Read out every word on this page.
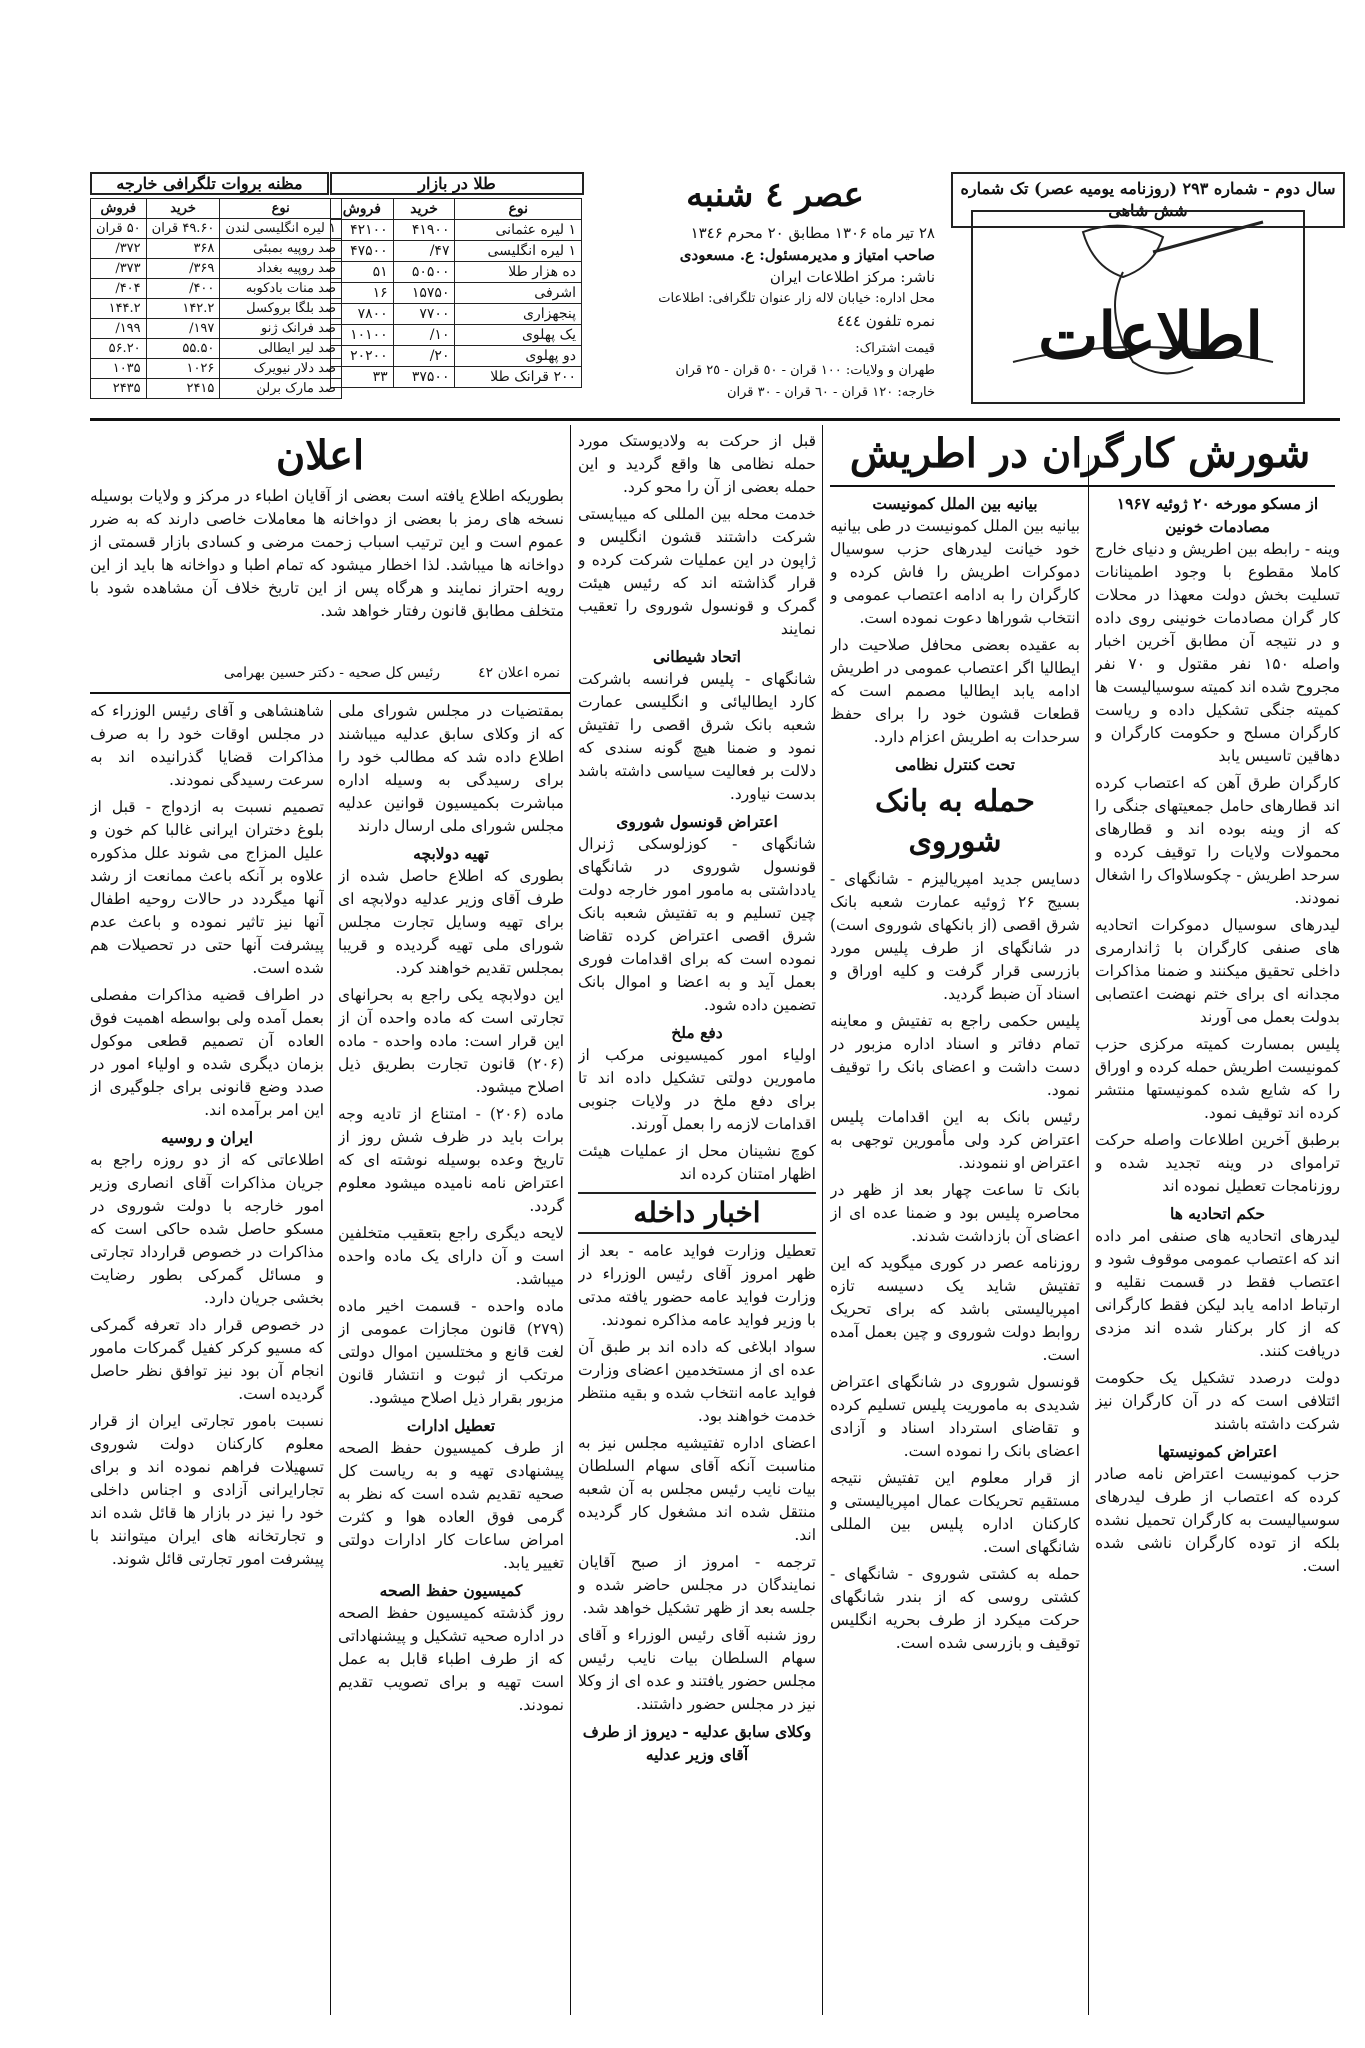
سال دوم - شماره ۲۹۳ (روزنامه یومیه عصر) تک شماره شش شاهی
اطلاعات
عصر ٤ شنبه
۲۸ تیر ماه ۱۳۰۶ مطابق ۲۰ محرم ۱۳٤۶
صاحب امتیاز و مدیرمسئول: ع. مسعودی
ناشر: مرکز اطلاعات ایران
محل اداره: خیابان لاله زار عنوان تلگرافی: اطلاعات
نمره تلفون ٤٤٤
قیمت اشتراک:
طهران و ولایات: ١٠٠ قران - ٥٠ قران - ٢٥ قران
خارجه: ١٢٠ قران - ٦٠ قران - ٣٠ قران
طلا در بازار
نوع	خرید	فروش
۱ لیره عثمانی	۴۱۹۰۰	۴۲۱۰۰
۱ لیره انگلیسی	۴۷/	۴۷۵۰۰
ده هزار طلا	۵۰۵۰۰	۵۱
اشرفی	۱۵۷۵۰	۱۶
پنجهزاری	۷۷۰۰	۷۸۰۰
یک پهلوی	۱۰/	۱۰۱۰۰
دو پهلوی	۲۰/	۲۰۲۰۰
۲۰۰ قرانک طلا	۳۷۵۰۰	۳۳
مظنه بروات تلگرافی خارجه
نوع	خرید	فروش
۱ لیره انگلیسی لندن	۴۹.۶۰ قران	۵۰ قران
صد روپیه بمبئی	۳۶۸	۳۷۲/
صد روپیه بغداد	۳۶۹/	۳۷۳/
صد منات بادکوبه	۴۰۰/	۴۰۴/
صد بلگا بروکسل	۱۴۲.۲	۱۴۴.۲
صد فرانک ژنو	۱۹۷/	۱۹۹/
صد لیر ایطالی	۵۵.۵۰	۵۶.۲۰
صد دلار نیویرک	۱۰۲۶	۱۰۳۵
صد مارک برلن	۲۴۱۵	۲۴۳۵
شورش کارگران در اطریش
از مسکو مورخه ۲۰ ژوئیه ۱۹۶۷
مصادمات خونین

وینه - رابطه بین اطریش و دنیای خارج کاملا مقطوع با وجود اطمینانات تسلیت بخش دولت معهذا در محلات کار گران مصادمات خونینی روی داده و در نتیجه آن مطابق آخرین اخبار واصله ۱۵۰ نفر مقتول و ۷۰ نفر مجروح شده اند کمیته سوسیالیست ها کمیته جنگی تشکیل داده و ریاست کارگران مسلح و حکومت کارگران و دهاقین تاسیس یابد

کارگران طرق آهن که اعتصاب کرده اند قطارهای حامل جمعیتهای جنگی را که از وینه بوده اند و قطارهای محمولات ولایات را توقیف کرده و سرحد اطریش - چکوسلاواک را اشغال نمودند.

لیدرهای سوسیال دموکرات اتحادیه های صنفی کارگران با ژاندارمری داخلی تحقیق میکنند و ضمنا مذاکرات مجدانه ای برای ختم نهضت اعتصابی بدولت بعمل می آورند

پلیس بمسارت کمیته مرکزی حزب کمونیست اطریش حمله کرده و اوراق را که شایع شده کمونیستها منتشر کرده اند توقیف نمود.

برطبق آخرین اطلاعات واصله حرکت تراموای در وینه تجدید شده و روزنامجات تعطیل نموده اند

حکم اتحادیه ها

لیدرهای اتحادیه های صنفی امر داده اند که اعتصاب عمومی موقوف شود و اعتصاب فقط در قسمت نقلیه و ارتباط ادامه یابد لیکن فقط کارگرانی که از کار برکنار شده اند مزدی دریافت کنند.

دولت درصدد تشکیل یک حکومت ائتلافی است که در آن کارگران نیز شرکت داشته باشند

اعتراض کمونیستها

حزب کمونیست اعتراض نامه صادر کرده که اعتصاب از طرف لیدرهای سوسیالیست به کارگران تحمیل نشده بلکه از توده کارگران ناشی شده است.

بیانیه بین الملل کمونیست

بیانیه بین الملل کمونیست در طی بیانیه خود خیانت لیدرهای حزب سوسیال دموکرات اطریش را فاش کرده و کارگران را به ادامه اعتصاب عمومی و انتخاب شوراها دعوت نموده است.

به عقیده بعضی محافل صلاحیت دار ایطالیا اگر اعتصاب عمومی در اطریش ادامه یابد ایطالیا مصمم است که قطعات قشون خود را برای حفظ سرحدات به اطریش اعزام دارد.

تحت کنترل نظامی
حمله به بانک شوروی

دسایس جدید امپریالیزم - شانگهای - بسیج ۲۶ ژوئیه عمارت شعبه بانک شرق اقصی (از بانکهای شوروی است) در شانگهای از طرف پلیس مورد بازرسی قرار گرفت و کلیه اوراق و اسناد آن ضبط گردید.

پلیس حکمی راجع به تفتیش و معاینه تمام دفاتر و اسناد اداره مزبور در دست داشت و اعضای بانک را توقیف نمود.

رئیس بانک به این اقدامات پلیس اعتراض کرد ولی مأمورین توجهی به اعتراض او ننمودند.

بانک تا ساعت چهار بعد از ظهر در محاصره پلیس بود و ضمنا عده ای از اعضای آن بازداشت شدند.

روزنامه عصر در کوری میگوید که این تفتیش شاید یک دسیسه تازه امپریالیستی باشد که برای تحریک روابط دولت شوروی و چین بعمل آمده است.

قونسول شوروی در شانگهای اعتراض شدیدی به ماموریت پلیس تسلیم کرده و تقاضای استرداد اسناد و آزادی اعضای بانک را نموده است.

از قرار معلوم این تفتیش نتیجه مستقیم تحریکات عمال امپریالیستی و کارکنان اداره پلیس بین المللی شانگهای است.

حمله به کشتی شوروی - شانگهای - کشتی روسی که از بندر شانگهای حرکت میکرد از طرف بحریه انگلیس توقیف و بازرسی شده است.

قبل از حرکت به ولادیوستک مورد حمله نظامی ها واقع گردید و این حمله بعضی از آن را محو کرد.

خدمت محله بین المللی که میبایستی شرکت داشتند قشون انگلیس و ژاپون در این عملیات شرکت کرده و قرار گذاشته اند که رئیس هیئت گمرک و قونسول شوروی را تعقیب نمایند

اتحاد شیطانی

شانگهای - پلیس فرانسه باشرکت کارد ایطالیائی و انگلیسی عمارت شعبه بانک شرق اقصی را تفتیش نمود و ضمنا هیچ گونه سندی که دلالت بر فعالیت سیاسی داشته باشد بدست نیاورد.

اعتراض قونسول شوروی

شانگهای - کوزلوسکی ژنرال قونسول شوروی در شانگهای یادداشتی به مامور امور خارجه دولت چین تسلیم و به تفتیش شعبه بانک شرق اقصی اعتراض کرده تقاضا نموده است که برای اقدامات فوری بعمل آید و به اعضا و اموال بانک تضمین داده شود.

دفع ملخ

اولیاء امور کمیسیونی مرکب از مامورین دولتی تشکیل داده اند تا برای دفع ملخ در ولایات جنوبی اقدامات لازمه را بعمل آورند.

کوچ نشینان محل از عملیات هیئت اظهار امتنان کرده اند

اخبار داخله

تعطیل وزارت فواید عامه - بعد از ظهر امروز آقای رئیس الوزراء در وزارت فواید عامه حضور یافته مدتی با وزیر فواید عامه مذاکره نمودند.

سواد ابلاغی که داده اند بر طبق آن عده ای از مستخدمین اعضای وزارت فواید عامه انتخاب شده و بقیه منتظر خدمت خواهند بود.

اعضای اداره تفتیشیه مجلس نیز به مناسبت آنکه آقای سهام السلطان بیات نایب رئیس مجلس به آن شعبه منتقل شده اند مشغول کار گردیده اند.

ترجمه - امروز از صبح آقایان نمایندگان در مجلس حاضر شده و جلسه بعد از ظهر تشکیل خواهد شد.

روز شنبه آقای رئیس الوزراء و آقای سهام السلطان بیات نایب رئیس مجلس حضور یافتند و عده ای از وکلا نیز در مجلس حضور داشتند.

وکلای سابق عدلیه - دیروز از طرف آقای وزیر عدلیه
اعلان
بطوریکه اطلاع یافته است بعضی از آقایان اطباء در مرکز و ولایات بوسیله نسخه های رمز با بعضی از دواخانه ها معاملات خاصی دارند که به ضرر عموم است و این ترتیب اسباب زحمت مرضی و کسادی بازار قسمتی از دواخانه ها میباشد. لذا اخطار میشود که تمام اطبا و دواخانه ها باید از این رویه احتراز نمایند و هرگاه پس از این تاریخ خلاف آن مشاهده شود با متخلف مطابق قانون رفتار خواهد شد.
رئیس کل صحیه - دکتر حسین بهرامی	نمره اعلان ٤٢

بمقتضیات در مجلس شورای ملی که از وکلای سابق عدلیه میباشند اطلاع داده شد که مطالب خود را برای رسیدگی به وسیله اداره مباشرت بکمیسیون قوانین عدلیه مجلس شورای ملی ارسال دارند

تهیه دولابچه

بطوری که اطلاع حاصل شده از طرف آقای وزیر عدلیه دولابچه ای برای تهیه وسایل تجارت مجلس شورای ملی تهیه گردیده و قریبا بمجلس تقدیم خواهند کرد.

این دولابچه یکی راجع به بحرانهای تجارتی است که ماده واحده آن از این قرار است: ماده واحده - ماده (۲۰۶) قانون تجارت بطریق ذیل اصلاح میشود.

ماده (۲۰۶) - امتناع از تادیه وجه برات باید در ظرف شش روز از تاریخ وعده بوسیله نوشته ای که اعتراض نامه نامیده میشود معلوم گردد.

لایحه دیگری راجع بتعقیب متخلفین است و آن دارای یک ماده واحده میباشد.

ماده واحده - قسمت اخیر ماده (۲۷۹) قانون مجازات عمومی از لغت قانع و مختلسین اموال دولتی مرتکب از ثبوت و انتشار قانون مزبور بقرار ذیل اصلاح میشود.

تعطیل ادارات

از طرف کمیسیون حفظ الصحه پیشنهادی تهیه و به ریاست کل صحیه تقدیم شده است که نظر به گرمی فوق العاده هوا و کثرت امراض ساعات کار ادارات دولتی تغییر یابد.

کمیسیون حفظ الصحه

روز گذشته کمیسیون حفظ الصحه در اداره صحیه تشکیل و پیشنهاداتی که از طرف اطباء قابل به عمل است تهیه و برای تصویب تقدیم نمودند.

شاهنشاهی و آقای رئیس الوزراء که در مجلس اوقات خود را به صرف مذاکرات قضایا گذرانیده اند به سرعت رسیدگی نمودند.

تصمیم نسبت به ازدواج - قبل از بلوغ دختران ایرانی غالبا کم خون و علیل المزاج می شوند علل مذکوره علاوه بر آنکه باعث ممانعت از رشد آنها میگردد در حالات روحیه اطفال آنها نیز تاثیر نموده و باعث عدم پیشرفت آنها حتی در تحصیلات هم شده است.

در اطراف قضیه مذاکرات مفصلی بعمل آمده ولی بواسطه اهمیت فوق العاده آن تصمیم قطعی موکول بزمان دیگری شده و اولیاء امور در صدد وضع قانونی برای جلوگیری از این امر برآمده اند.

ایران و روسیه

اطلاعاتی که از دو روزه راجع به جریان مذاکرات آقای انصاری وزیر امور خارجه با دولت شوروی در مسکو حاصل شده حاکی است که مذاکرات در خصوص قرارداد تجارتی و مسائل گمرکی بطور رضایت بخشی جریان دارد.

در خصوص قرار داد تعرفه گمرکی که مسیو کرکر کفیل گمرکات مامور انجام آن بود نیز توافق نظر حاصل گردیده است.

نسبت بامور تجارتی ایران از قرار معلوم کارکنان دولت شوروی تسهیلات فراهم نموده اند و برای تجارایرانی آزادی و اجناس داخلی خود را نیز در بازار ها قائل شده اند و تجارتخانه های ایران میتوانند با پیشرفت امور تجارتی قائل شوند.
